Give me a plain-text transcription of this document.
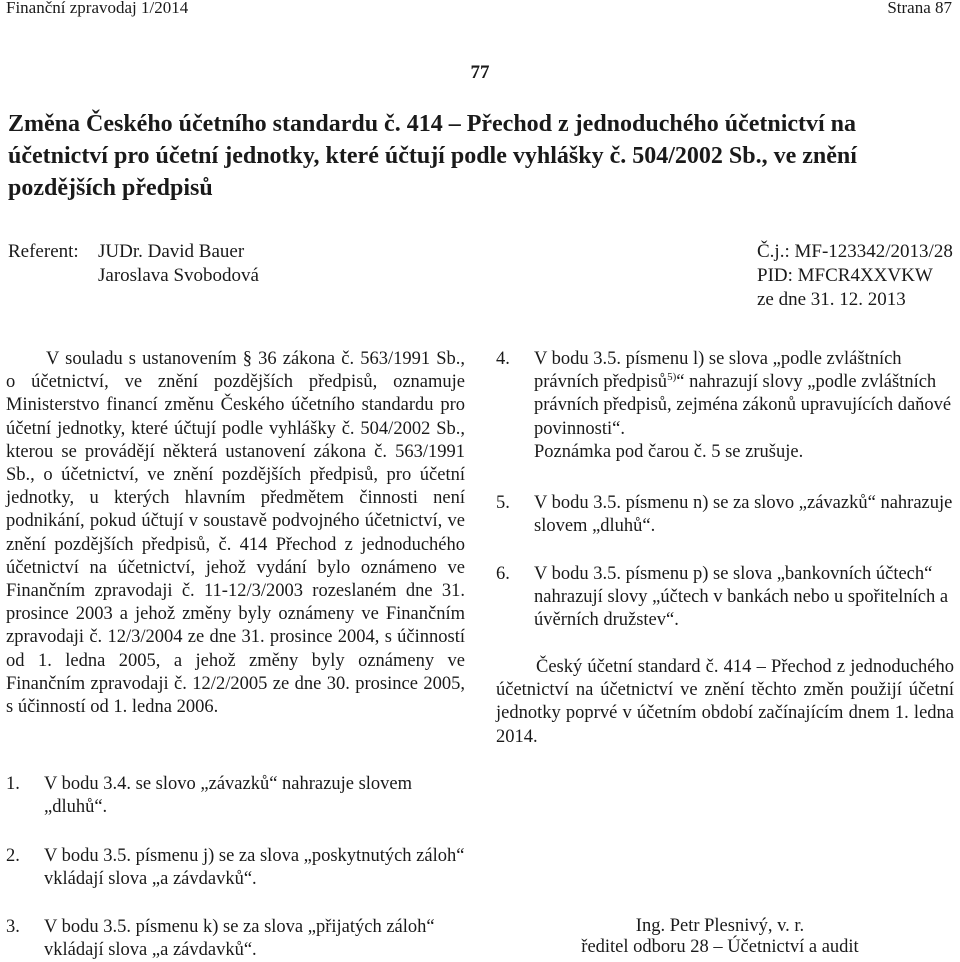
Finanční zpravodaj 1/2014	Strana 87
77
Změna Českého účetního standardu č. 414 – Přechod z jednoduchého účetnictví na účetnictví pro účetní jednotky, které účtují podle vyhlášky č. 504/2002 Sb., ve znění pozdějších předpisů
Referent: JUDr. David Bauer
Jaroslava Svobodová
Č.j.: MF-123342/2013/28
PID: MFCR4XXVKW
ze dne 31. 12. 2013

V souladu s ustanovením § 36 zákona č. 563/1991 Sb., o účetnictví, ve znění pozdějších předpisů, oznamuje Ministerstvo financí změnu Českého účetního standardu pro účetní jednotky, které účtují podle vyhlášky č. 504/2002 Sb., kterou se provádějí některá ustanovení zákona č. 563/1991 Sb., o účetnictví, ve znění pozdějších předpisů, pro účetní jednotky, u kterých hlavním předmětem činnosti není podnikání, pokud účtují v soustavě podvojného účetnictví, ve znění pozdějších předpisů, č. 414 Přechod z jednoduchého účetnictví na účetnictví, jehož vydání bylo oznámeno ve Finančním zpravodaji č. 11-12/3/2003 rozeslaném dne 31. prosince 2003 a jehož změny byly oznámeny ve Finančním zpravodaji č. 12/3/2004 ze dne 31. prosince 2004, s účinností od 1. ledna 2005, a jehož změny byly oznámeny ve Finančním zpravodaji č. 12/2/2005 ze dne 30. prosince 2005, s účinností od 1. ledna 2006.

1. V bodu 3.4. se slovo „závazků“ nahrazuje slovem „dluhů“.
2. V bodu 3.5. písmenu j) se za slova „poskytnutých záloh“ vkládají slova „a závdavků“.
3. V bodu 3.5. písmenu k) se za slova „přijatých záloh“ vkládají slova „a závdavků“.
4. V bodu 3.5. písmenu l) se slova „podle zvláštních právních předpisů$^{5)}$“ nahrazují slovy „podle zvláštních právních předpisů, zejména zákonů upravujících daňové povinnosti“.
Poznámka pod čarou č. 5 se zrušuje.
5. V bodu 3.5. písmenu n) se za slovo „závazků“ nahrazuje slovem „dluhů“.
6. V bodu 3.5. písmenu p) se slova „bankovních účtech“ nahrazují slovy „účtech v bankách nebo u spořitelních a úvěrních družstev“.

Český účetní standard č. 414 – Přechod z jednoduchého účetnictví na účetnictví ve znění těchto změn použijí účetní jednotky poprvé v účetním období začínajícím dnem 1. ledna 2014.

Ing. Petr Plesnivý, v. r.
ředitel odboru 28 – Účetnictví a audit
